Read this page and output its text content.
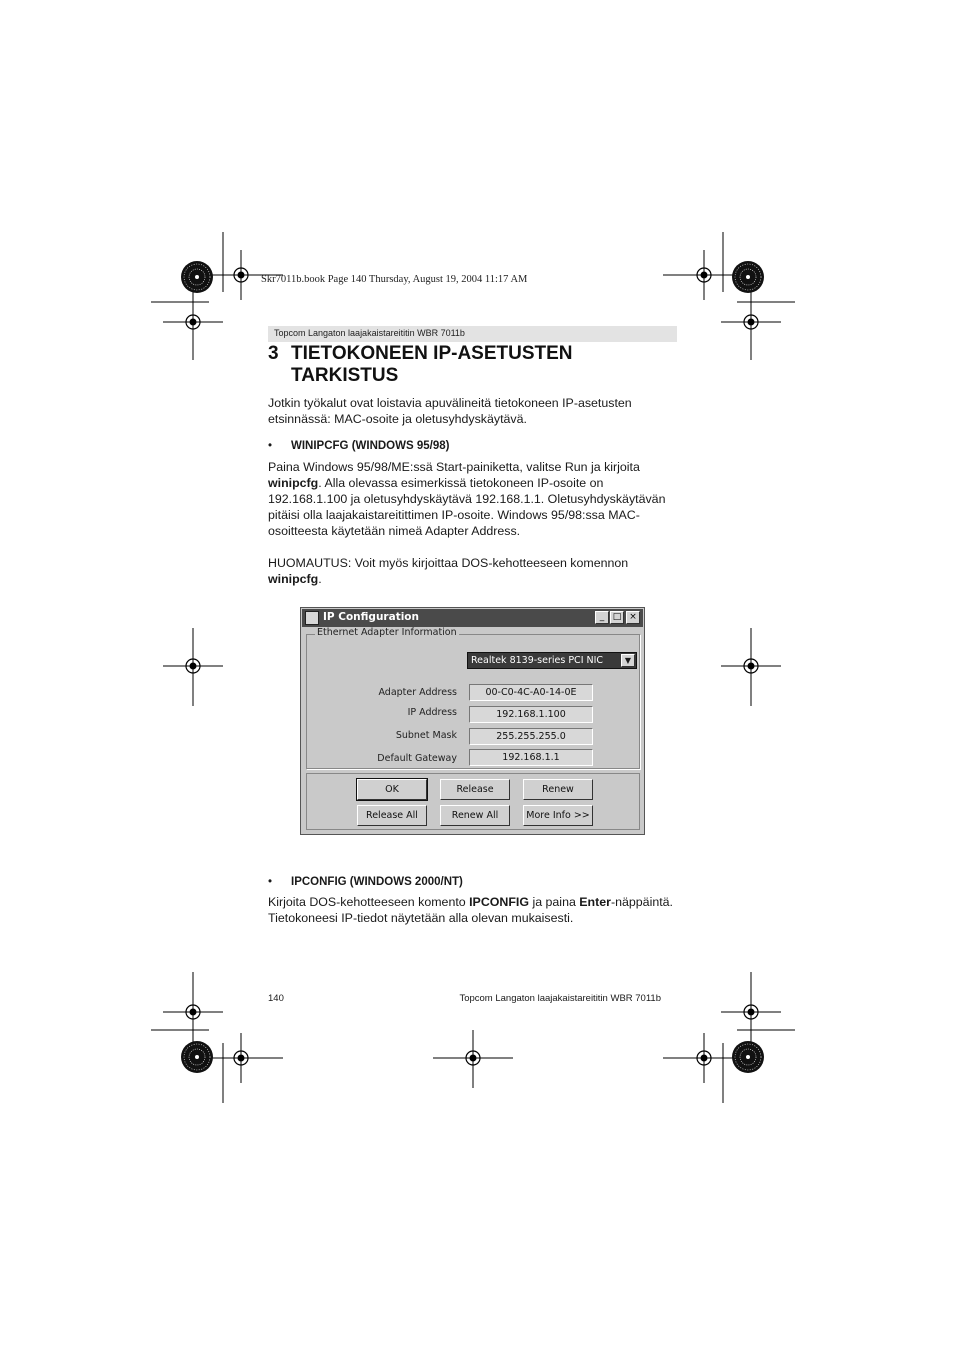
Skr7011b.book Page 140 Thursday, August 19, 2004 11:17 AM
Topcom Langaton laajakaistareititin WBR 7011b
3 TIETOKONEEN IP-ASETUSTEN
TARKISTUS

Jotkin työkalut ovat loistavia apuvälineitä tietokoneen IP-asetusten etsinnässä: MAC-osoite ja oletusyhdyskäytävä.

• WINIPCFG (WINDOWS 95/98)

Paina Windows 95/98/ME:ssä Start-painiketta, valitse Run ja kirjoita winipcfg. Alla olevassa esimerkissä tietokoneen IP-osoite on 192.168.1.100 ja oletusyhdyskäytävä 192.168.1.1. Oletusyhdyskäytävän pitäisi olla laajakaistareitittimen IP-osoite. Windows 95/98:ssa MAC-osoitteesta käytetään nimeä Adapter Address.

HUOMAUTUS: Voit myös kirjoittaa DOS-kehotteeseen komennon winipcfg.

IP Configuration	_ □ ×
Ethernet Adapter Information
Realtek 8139-series PCI NIC	▼
Adapter Address	00-C0-4C-A0-14-0E
IP Address	192.168.1.100
Subnet Mask	255.255.255.0
Default Gateway	192.168.1.1
OK	Release	Renew
Release All	Renew All	More Info >>
• IPCONFIG (WINDOWS 2000/NT)

Kirjoita DOS-kehotteeseen komento IPCONFIG ja paina Enter-näppäintä. Tietokoneesi IP-tiedot näytetään alla olevan mukaisesti.

140	Topcom Langaton laajakaistareititin WBR 7011b
